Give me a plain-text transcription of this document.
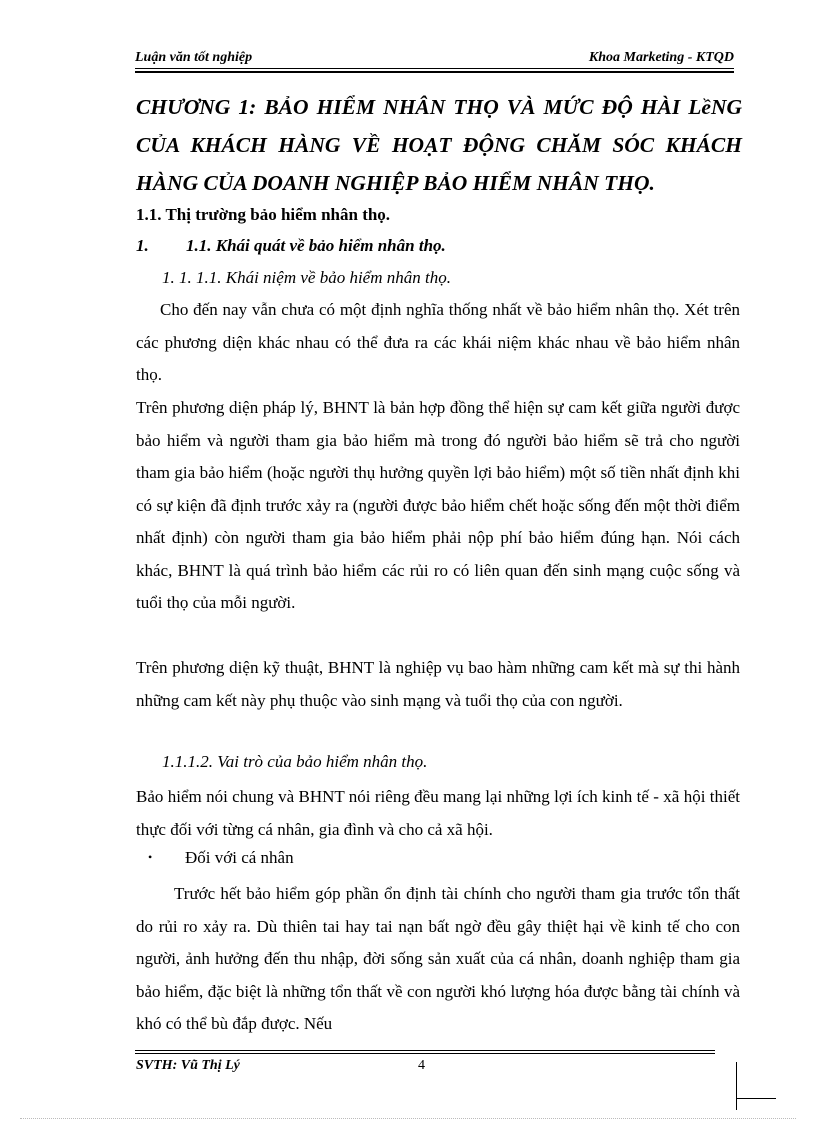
Luận văn tốt nghiệp	Khoa Marketing - KTQD
CHƯƠNG 1: BẢO HIỂM NHÂN THỌ VÀ MỨC ĐỘ HÀI LềNG
CỦA KHÁCH HÀNG VỀ HOẠT ĐỘNG CHĂM SÓC KHÁCH
HÀNG CỦA DOANH NGHIỆP BẢO HIỂM NHÂN THỌ.
1.1. Thị trường bảo hiểm nhân thọ.
1. 1.1. Khái quát về bảo hiểm nhân thọ.
1. 1. 1.1. Khái niệm về bảo hiểm nhân thọ.
Cho đến nay vẫn chưa có một định nghĩa thống nhất về bảo hiểm nhân thọ. Xét trên các phương diện khác nhau có thể đưa ra các khái niệm khác nhau về bảo hiểm nhân thọ.
Trên phương diện pháp lý, BHNT là bản hợp đồng thể hiện sự cam kết giữa người được bảo hiểm và người tham gia bảo hiểm mà trong đó người bảo hiểm sẽ trả cho người tham gia bảo hiểm (hoặc người thụ hưởng quyền lợi bảo hiểm) một số tiền nhất định khi có sự kiện đã định trước xảy ra (người được bảo hiểm chết hoặc sống đến một thời điểm nhất định) còn người tham gia bảo hiểm phải nộp phí bảo hiểm đúng hạn. Nói cách khác, BHNT là quá trình bảo hiểm các rủi ro có liên quan đến sinh mạng cuộc sống và tuổi thọ của mỗi người.
Trên phương diện kỹ thuật, BHNT là nghiệp vụ bao hàm những cam kết mà sự thi hành những cam kết này phụ thuộc vào sinh mạng và tuổi thọ của con người.
1.1.1.2. Vai trò của bảo hiểm nhân thọ.
Bảo hiểm nói chung và BHNT nói riêng đều mang lại những lợi ích kinh tế - xã hội thiết thực đối với từng cá nhân, gia đình và cho cả xã hội.
• Đối với cá nhân
Trước hết bảo hiểm góp phần ổn định tài chính cho người tham gia trước tổn thất do rủi ro xảy ra. Dù thiên tai hay tai nạn bất ngờ đều gây thiệt hại về kinh tế cho con người, ảnh hưởng đến thu nhập, đời sống sản xuất của cá nhân, doanh nghiệp tham gia bảo hiểm, đặc biệt là những tổn thất về con người khó lượng hóa được bằng tài chính và khó có thể bù đắp được. Nếu
SVTH: Vũ Thị Lý	4
